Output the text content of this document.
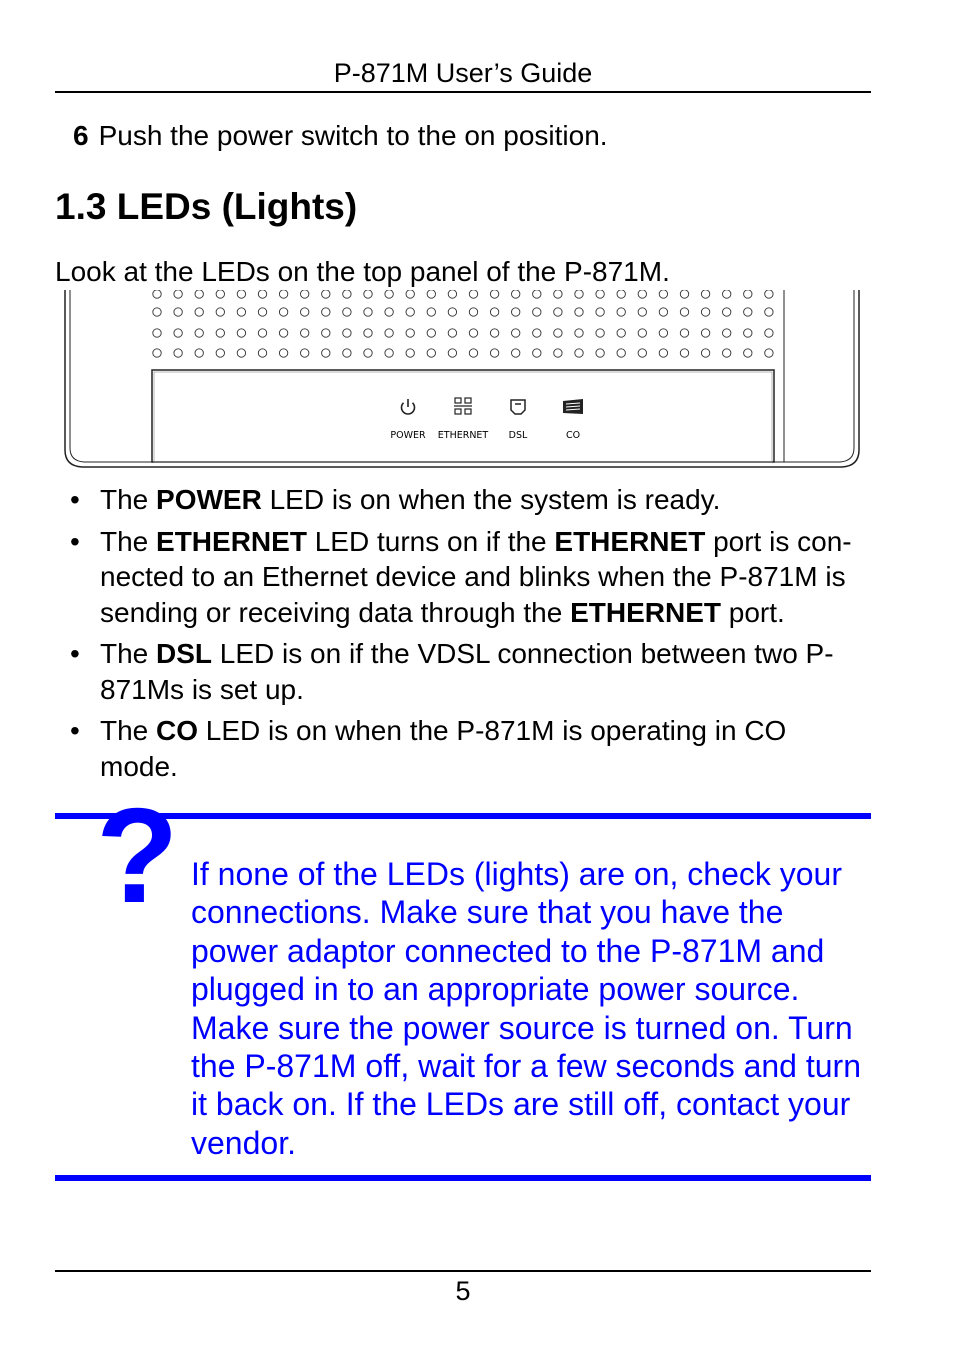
P-871M User’s Guide
6 Push the power switch to the on position.
1.3 LEDs (Lights)
Look at the LEDs on the top panel of the P-871M.
POWER ETHERNET DSL	CO
• The POWER LED is on when the system is ready.
• The ETHERNET LED turns on if the ETHERNET port is con-
nected to an Ethernet device and blinks when the P-871M is
sending or receiving data through the ETHERNET port.
• The DSL LED is on if the VDSL connection between two P-
871Ms is set up.
• The CO LED is on when the P-871M is operating in CO
mode.
? If none of the LEDs (lights) are on, check your
connections. Make sure that you have the
power adaptor connected to the P-871M and
plugged in to an appropriate power source.
Make sure the power source is turned on. Turn
the P-871M off, wait for a few seconds and turn
it back on. If the LEDs are still off, contact your
vendor.
5
